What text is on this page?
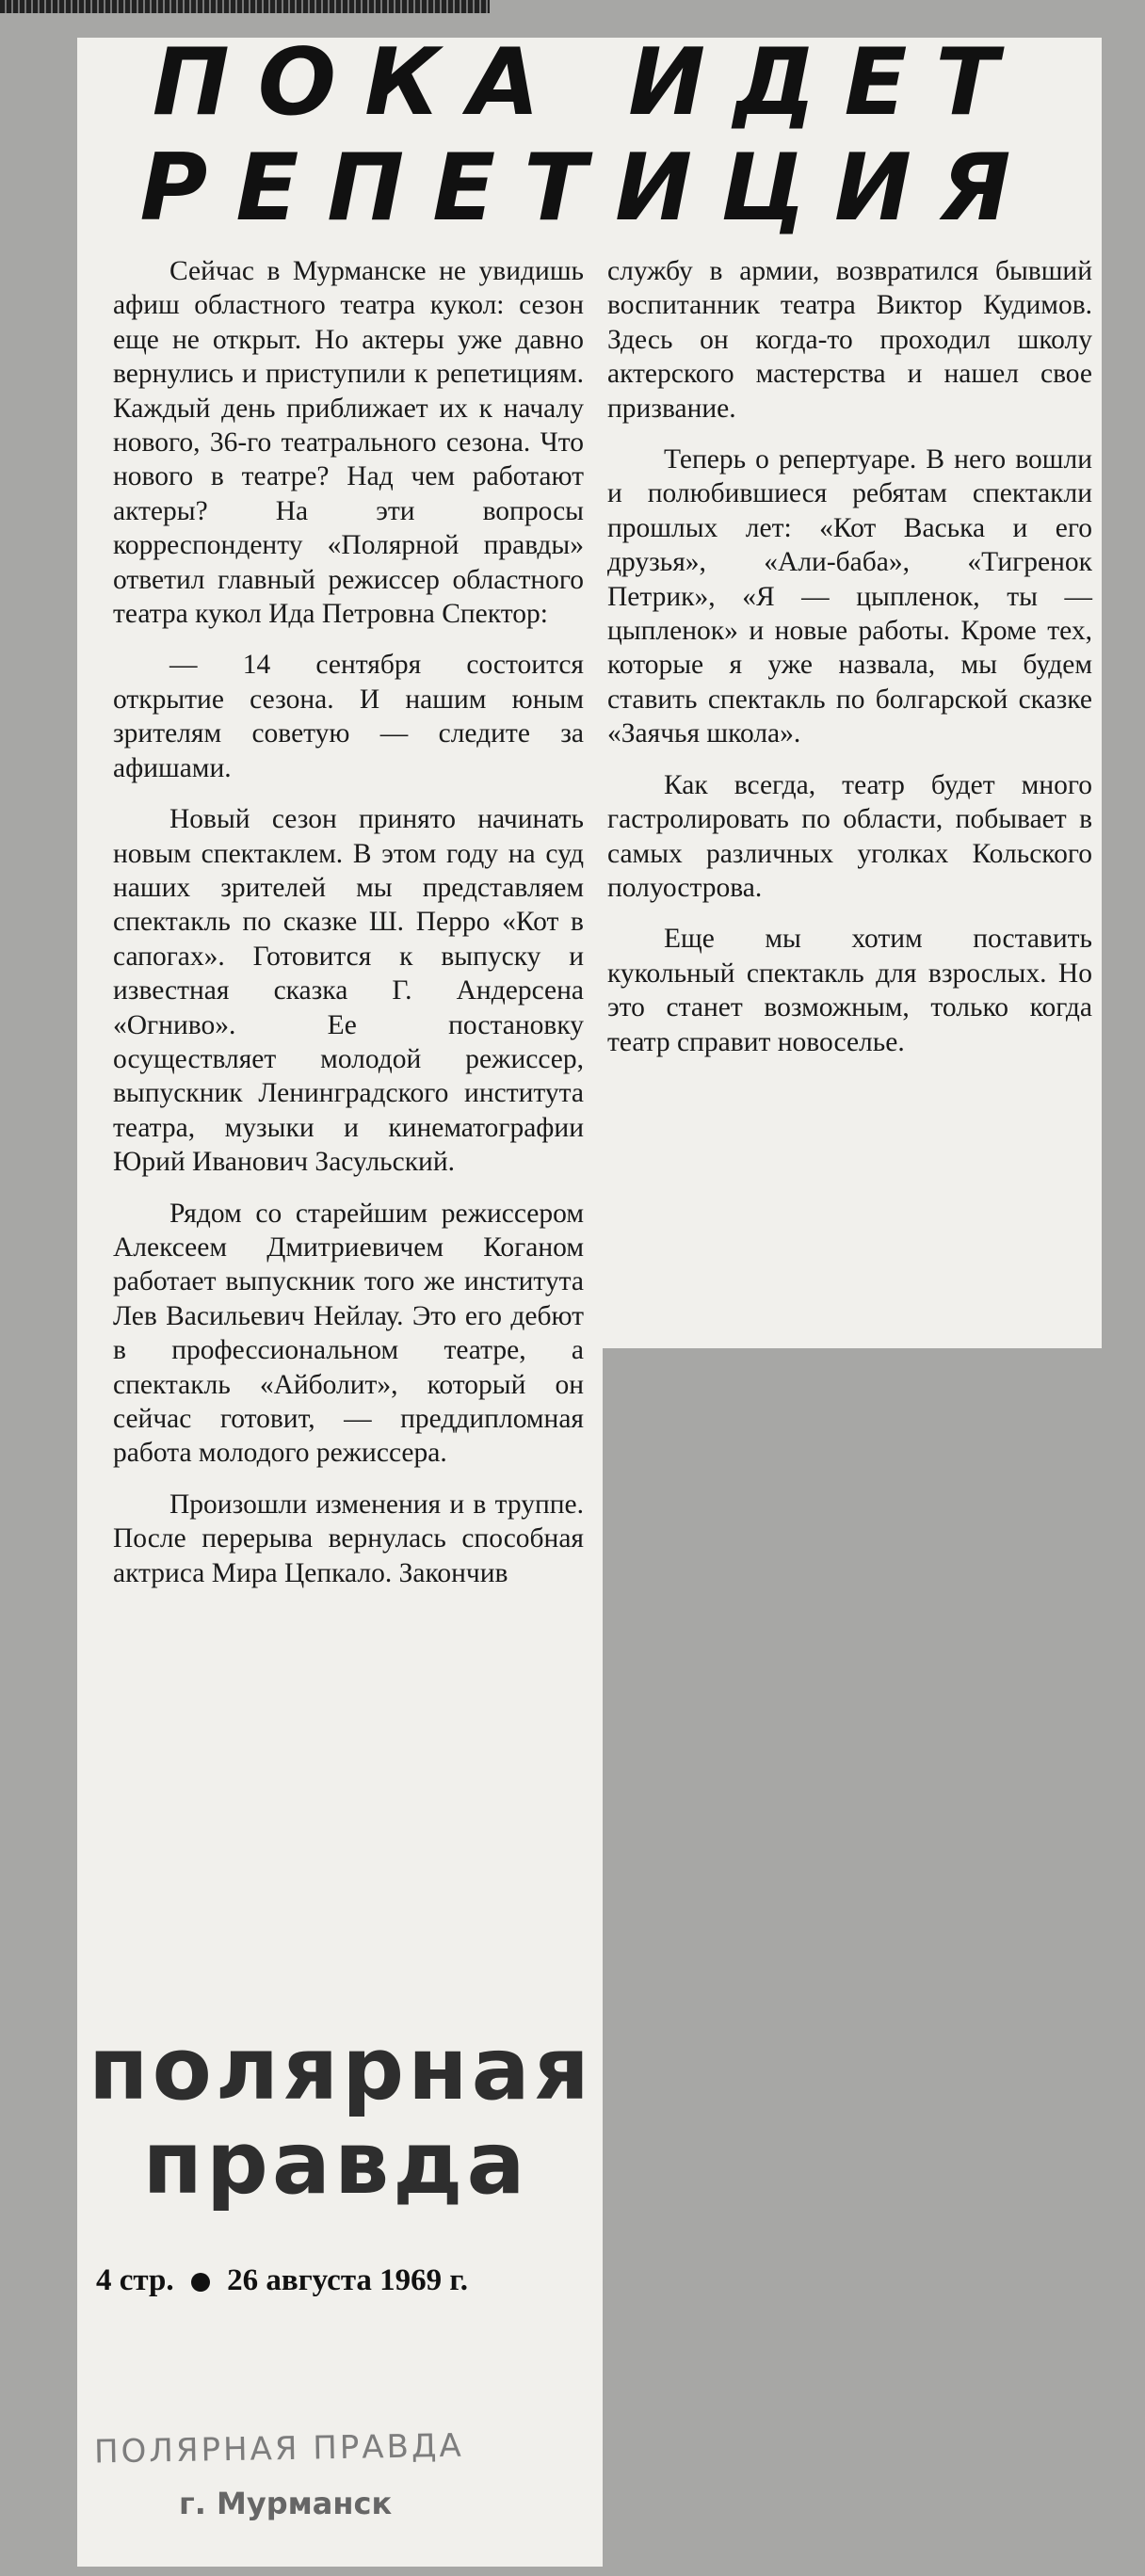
ПОКА ИДЕТ
РЕПЕТИЦИЯ

Сейчас в Мурманске не увидишь афиш областного театра кукол: сезон еще не открыт. Но актеры уже давно вернулись и приступили к репетициям. Каждый день приближает их к началу нового, 36-го театрального сезона. Что нового в театре? Над чем работают актеры? На эти вопросы корреспонденту «Полярной правды» ответил главный режиссер областного театра кукол Ида Петровна Спектор:

— 14 сентября состоится открытие сезона. И нашим юным зрителям советую — следите за афишами.

Новый сезон принято начинать новым спектаклем. В этом году на суд наших зрителей мы представляем спектакль по сказке Ш. Перро «Кот в сапогах». Готовится к выпуску и известная сказка Г. Андерсена «Огниво». Ее постановку осуществляет молодой режиссер, выпускник Ленинградского института театра, музыки и кинематографии Юрий Иванович Засульский.

Рядом со старейшим режиссером Алексеем Дмитриевичем Коганом работает выпускник того же института Лев Васильевич Нейлау. Это его дебют в профессиональном театре, а спектакль «Айболит», который он сейчас готовит, — преддипломная работа молодого режиссера.

Произошли изменения и в труппе. После перерыва вернулась способная актриса Мира Цепкало. Закончив

службу в армии, возвратился бывший воспитанник театра Виктор Кудимов. Здесь он когда-то проходил школу актерского мастерства и нашел свое призвание.

Теперь о репертуаре. В него вошли и полюбившиеся ребятам спектакли прошлых лет: «Кот Васька и его друзья», «Али-баба», «Тигренок Петрик», «Я — цыпленок, ты — цыпленок» и новые работы. Кроме тех, которые я уже назвала, мы будем ставить спектакль по болгарской сказке «Заячья школа».

Как всегда, театр будет много гастролировать по области, побывает в самых различных уголках Кольского полуострова.

Еще мы хотим поставить кукольный спектакль для взрослых. Но это станет возможным, только когда театр справит новоселье.

полярная
правда
4 стр. 26 августа 1969 г.
ПОЛЯРНАЯ ПРАВДА
г. Мурманск
